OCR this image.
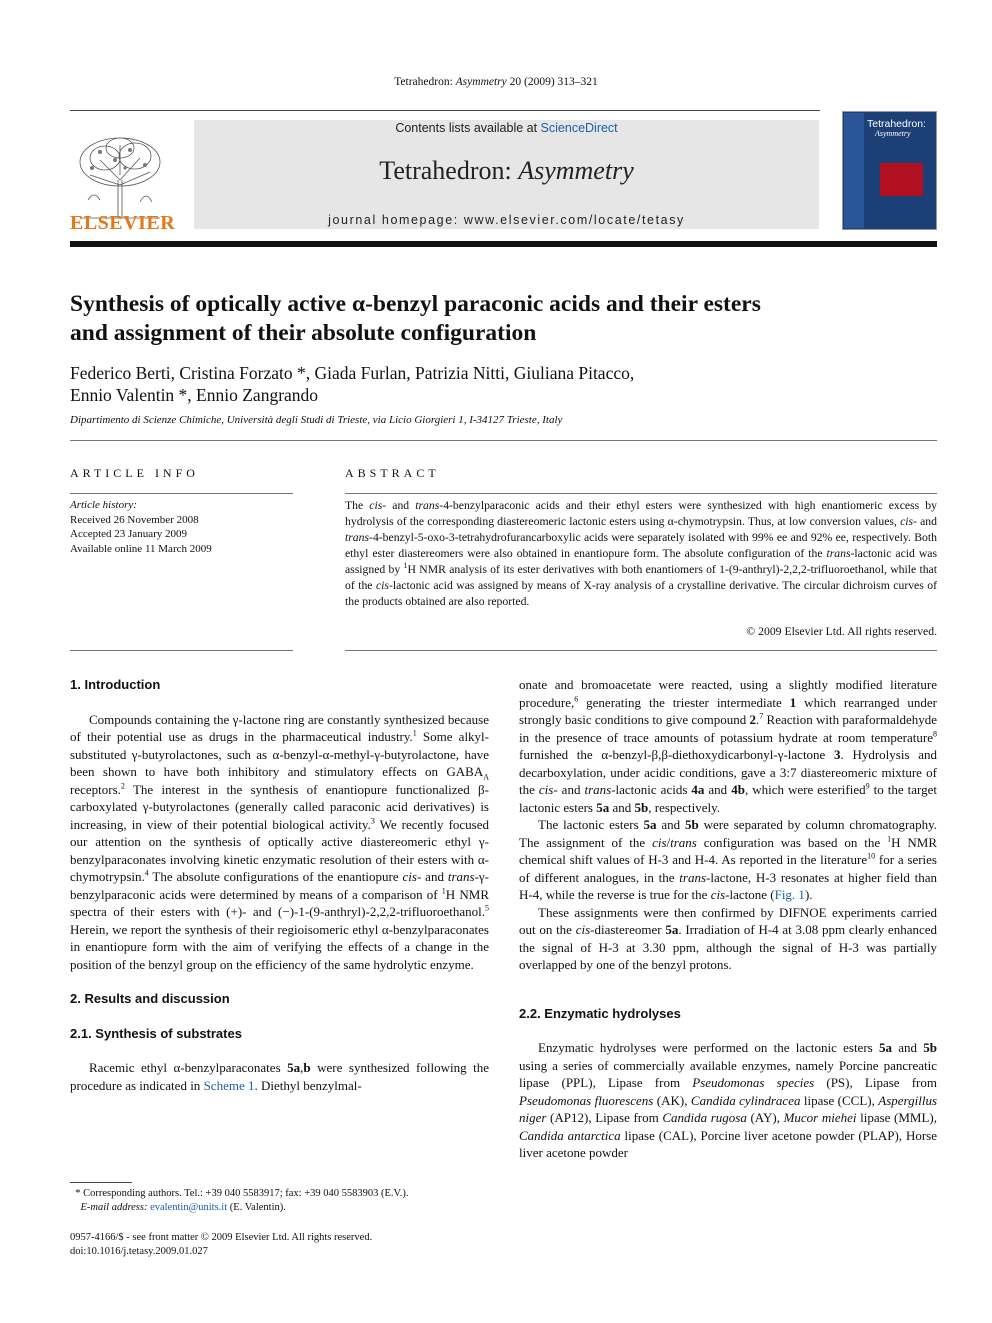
Tetrahedron: Asymmetry 20 (2009) 313–321
ELSEVIER
Contents lists available at ScienceDirect
Tetrahedron: Asymmetry
journal homepage: www.elsevier.com/locate/tetasy
Tetrahedron:
Asymmetry
Synthesis of optically active α-benzyl paraconic acids and their esters
and assignment of their absolute configuration
Federico Berti, Cristina Forzato *, Giada Furlan, Patrizia Nitti, Giuliana Pitacco,
Ennio Valentin *, Ennio Zangrando
Dipartimento di Scienze Chimiche, Università degli Studi di Trieste, via Licio Giorgieri 1, I-34127 Trieste, Italy
ARTICLE INFO
Article history:
Received 26 November 2008
Accepted 23 January 2009
Available online 11 March 2009
ABSTRACT
The cis- and trans-4-benzylparaconic acids and their ethyl esters were synthesized with high enantiomeric excess by hydrolysis of the corresponding diastereomeric lactonic esters using α-chymotrypsin. Thus, at low conversion values, cis- and trans-4-benzyl-5-oxo-3-tetrahydrofurancarboxylic acids were separately isolated with 99% ee and 92% ee, respectively. Both ethyl ester diastereomers were also obtained in enantiopure form. The absolute configuration of the trans-lactonic acid was assigned by $^1$H NMR analysis of its ester derivatives with both enantiomers of 1-(9-anthryl)-2,2,2-trifluoroethanol, while that of the cis-lactonic acid was assigned by means of X-ray analysis of a crystalline derivative. The circular dichroism curves of the products obtained are also reported.
© 2009 Elsevier Ltd. All rights reserved.
1. Introduction

Compounds containing the γ-lactone ring are constantly synthesized because of their potential use as drugs in the pharmaceutical industry.$^1$ Some alkyl-substituted γ-butyrolactones, such as α-benzyl-α-methyl-γ-butyrolactone, have been shown to have both inhibitory and stimulatory effects on $GABA_A$ receptors.$^2$ The interest in the synthesis of enantiopure functionalized β-carboxylated γ-butyrolactones (generally called paraconic acid derivatives) is increasing, in view of their potential biological activity.$^3$ We recently focused our attention on the synthesis of optically active diastereomeric ethyl γ-benzylparaconates involving kinetic enzymatic resolution of their esters with α-chymotrypsin.$^4$ The absolute configurations of the enantiopure cis- and trans-γ-benzylparaconic acids were determined by means of a comparison of $^1$H NMR spectra of their esters with (+)- and (−)-1-(9-anthryl)-2,2,2-trifluoroethanol.$^5$ Herein, we report the synthesis of their regioisomeric ethyl α-benzylparaconates in enantiopure form with the aim of verifying the effects of a change in the position of the benzyl group on the efficiency of the same hydrolytic enzyme.

2. Results and discussion
2.1. Synthesis of substrates

Racemic ethyl α-benzylparaconates 5a,b were synthesized following the procedure as indicated in Scheme 1. Diethyl benzylmal-

* Corresponding authors. Tel.: +39 040 5583917; fax: +39 040 5583903 (E.V.).
E-mail address: evalentin@units.it (E. Valentin).
0957-4166/$ - see front matter © 2009 Elsevier Ltd. All rights reserved.
doi:10.1016/j.tetasy.2009.01.027

onate and bromoacetate were reacted, using a slightly modified literature procedure,$^6$ generating the triester intermediate 1 which rearranged under strongly basic conditions to give compound 2.$^7$ Reaction with paraformaldehyde in the presence of trace amounts of potassium hydrate at room temperature$^8$ furnished the α-benzyl-β,β-diethoxydicarbonyl-γ-lactone 3. Hydrolysis and decarboxylation, under acidic conditions, gave a 3:7 diastereomeric mixture of the cis- and trans-lactonic acids 4a and 4b, which were esterified$^9$ to the target lactonic esters 5a and 5b, respectively.

The lactonic esters 5a and 5b were separated by column chromatography. The assignment of the cis/trans configuration was based on the $^1$H NMR chemical shift values of H-3 and H-4. As reported in the literature$^{10}$ for a series of different analogues, in the trans-lactone, H-3 resonates at higher field than H-4, while the reverse is true for the cis-lactone (Fig. 1).

These assignments were then confirmed by DIFNOE experiments carried out on the cis-diastereomer 5a. Irradiation of H-4 at 3.08 ppm clearly enhanced the signal of H-3 at 3.30 ppm, although the signal of H-3 was partially overlapped by one of the benzyl protons.

2.2. Enzymatic hydrolyses

Enzymatic hydrolyses were performed on the lactonic esters 5a and 5b using a series of commercially available enzymes, namely Porcine pancreatic lipase (PPL), Lipase from Pseudomonas species (PS), Lipase from Pseudomonas fluorescens (AK), Candida cylindracea lipase (CCL), Aspergillus niger (AP12), Lipase from Candida rugosa (AY), Mucor miehei lipase (MML), Candida antarctica lipase (CAL), Porcine liver acetone powder (PLAP), Horse liver acetone powder
